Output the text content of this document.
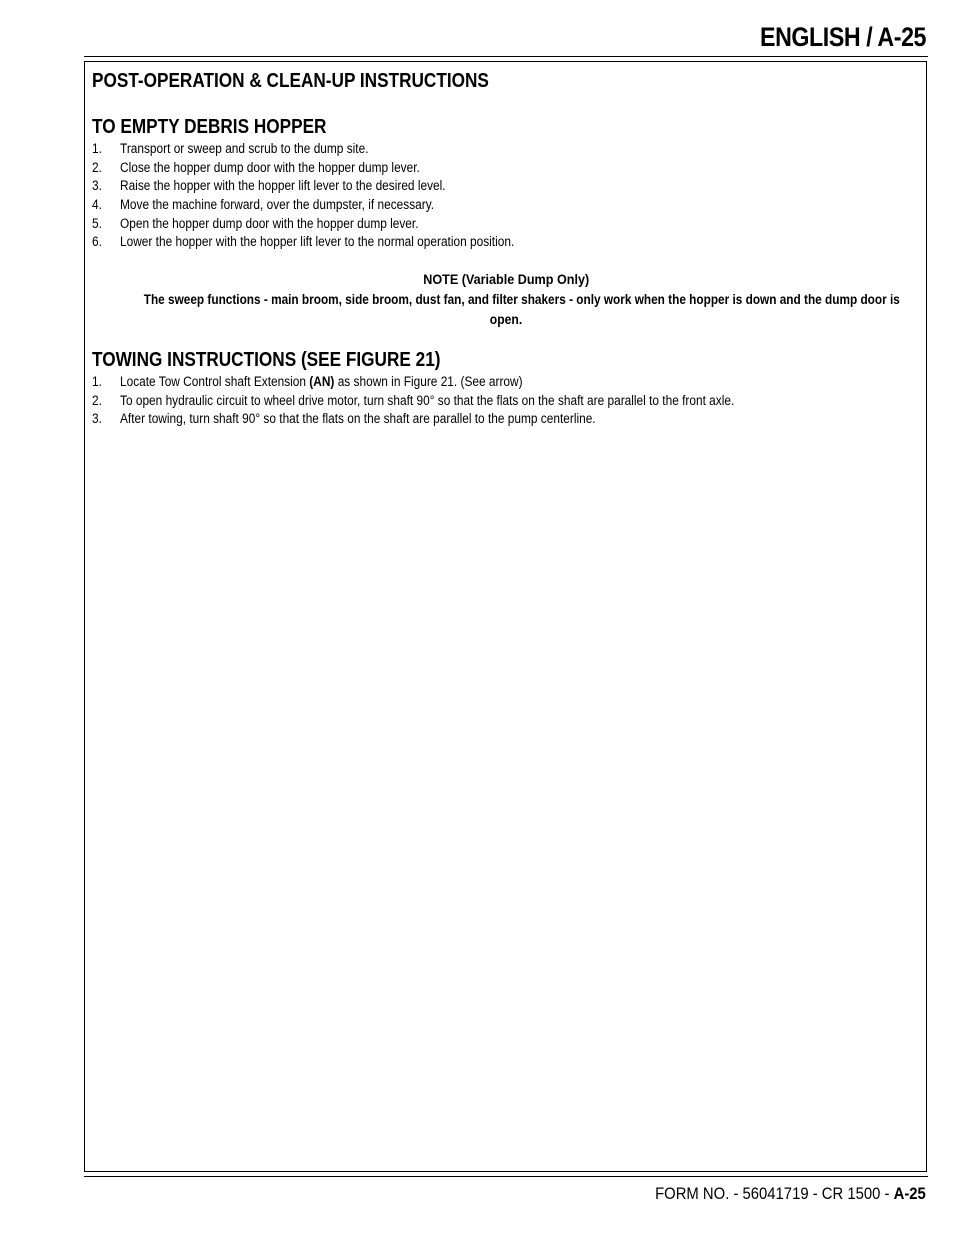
ENGLISH / A-25
POST-OPERATION & CLEAN-UP INSTRUCTIONS
TO EMPTY DEBRIS HOPPER
1. Transport or sweep and scrub to the dump site.
2. Close the hopper dump door with the hopper dump lever.
3. Raise the hopper with the hopper lift lever to the desired level.
4. Move the machine forward, over the dumpster, if necessary.
5. Open the hopper dump door with the hopper dump lever.
6. Lower the hopper with the hopper lift lever to the normal operation position.
NOTE (Variable Dump Only)
The sweep functions - main broom, side broom, dust fan, and filter shakers - only work when the hopper is down and the dump door is
open.
TOWING INSTRUCTIONS (SEE FIGURE 21)
1. Locate Tow Control shaft Extension (AN) as shown in Figure 21. (See arrow)
2. To open hydraulic circuit to wheel drive motor, turn shaft 90° so that the flats on the shaft are parallel to the front axle.
3. After towing, turn shaft 90° so that the flats on the shaft are parallel to the pump centerline.
FORM NO. - 56041719 - CR 1500 - A-25
